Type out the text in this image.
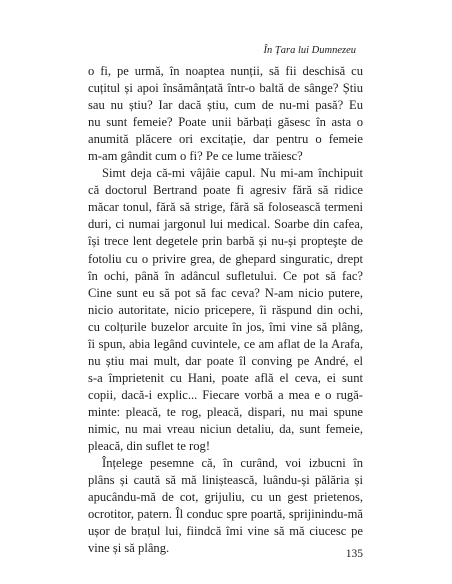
În Țara lui Dumnezeu
o fi, pe urmă, în noaptea nunții, să fii deschisă cu
cuțitul și apoi însămânțată într-o baltă de sânge? Știu
sau nu știu? Iar dacă știu, cum de nu-mi pasă? Eu
nu sunt femeie? Poate unii bărbați găsesc în asta o
anumită plăcere ori excitație, dar pentru o femeie
m-am gândit cum o fi? Pe ce lume trăiesc?
Simt deja că-mi vâjâie capul. Nu mi-am închipuit
că doctorul Bertrand poate fi agresiv fără să ridice
măcar tonul, fără să strige, fără să folosească termeni
duri, ci numai jargonul lui medical. Soarbe din cafea,
își trece lent degetele prin barbă și nu-și propteşte de
fotoliu cu o privire grea, de ghepard singuratic, drept
în ochi, până în adâncul sufletului. Ce pot să fac?
Cine sunt eu să pot să fac ceva? N-am nicio putere,
nicio autoritate, nicio pricepere, îi răspund din ochi,
cu colțurile buzelor arcuite în jos, îmi vine să plâng,
îi spun, abia legând cuvintele, ce am aflat de la Arafa,
nu știu mai mult, dar poate îl conving pe André, el
s-a împrietenit cu Hani, poate află el ceva, ei sunt
copii, dacă-i explic... Fiecare vorbă a mea e o rugă-
minte: pleacă, te rog, pleacă, dispari, nu mai spune
nimic, nu mai vreau niciun detaliu, da, sunt femeie,
pleacă, din suflet te rog!
Înțelege pesemne că, în curând, voi izbucni în
plâns și caută să mă liniștească, luându-și pălăria și
apucându-mă de cot, grijuliu, cu un gest prietenos,
ocrotitor, patern. Îl conduc spre poartă, sprijinindu-mă
ușor de brațul lui, fiindcă îmi vine să mă ciucesc pe
vine și să plâng.	135
